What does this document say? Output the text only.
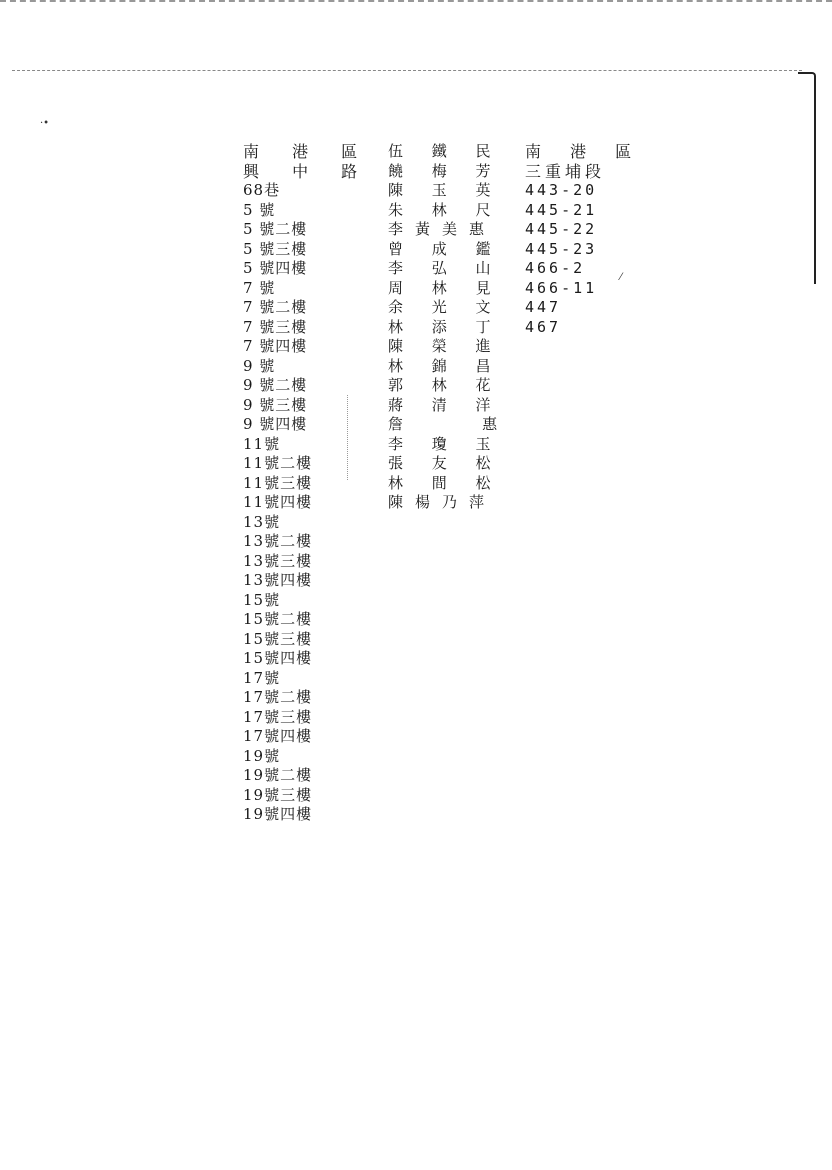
·•
⁄
南 港 區
興 中 路
68巷
5 號
5 號二樓
5 號三樓
5 號四樓
7 號
7 號二樓
7 號三樓
7 號四樓
9 號
9 號二樓
9 號三樓
9 號四樓
11號
11號二樓
11號三樓
11號四樓
13號
13號二樓
13號三樓
13號四樓
15號
15號二樓
15號三樓
15號四樓
17號
17號二樓
17號三樓
17號四樓
19號
19號二樓
19號三樓
19號四樓
伍 鐵 民
饒 梅 芳
陳 玉 英
朱 林 尺
李黃美惠
曾 成 鑑
李 弘 山
周 林 見
余 光 文
林 添 丁
陳 榮 進
林 錦 昌
郭 林 花
蔣 清 洋
詹    惠
李 瓊 玉
張 友 松
林 間 松
陳楊乃萍
南 港 區
三重埔段
443-20
445-21
445-22
445-23
466-2
466-11
447
467
